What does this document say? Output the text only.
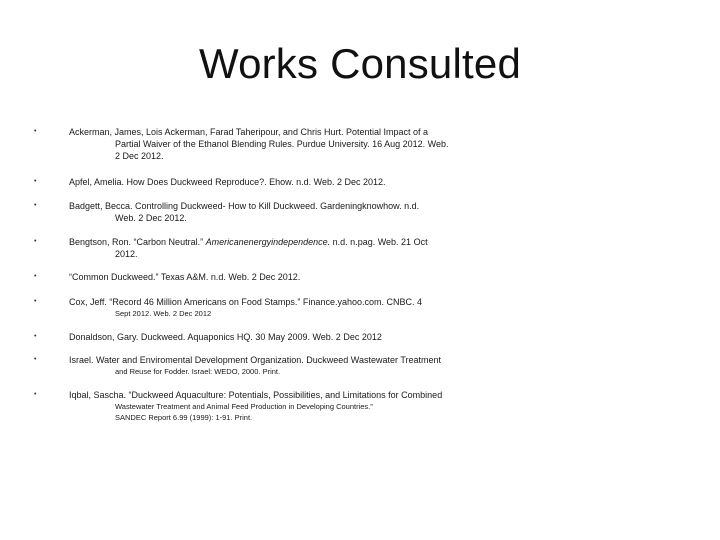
Works Consulted
•	Ackerman, James, Lois Ackerman, Farad Taheripour, and Chris Hurt. Potential Impact of a
Partial Waiver of the Ethanol Blending Rules. Purdue University. 16 Aug 2012. Web.
2 Dec 2012.
•	Apfel, Amelia. How Does Duckweed Reproduce?. Ehow. n.d. Web. 2 Dec 2012.
•	Badgett, Becca. Controlling Duckweed- How to Kill Duckweed. Gardeningknowhow. n.d.
Web. 2 Dec 2012.
•	Bengtson, Ron. “Carbon Neutral.” Americanenergyindependence. n.d. n.pag. Web. 21 Oct
2012.
•	“Common Duckweed.” Texas A&M. n.d. Web. 2 Dec 2012.
•	Cox, Jeff. “Record 46 Million Americans on Food Stamps.” Finance.yahoo.com. CNBC. 4
Sept 2012. Web. 2 Dec 2012
•	Donaldson, Gary. Duckweed. Aquaponics HQ. 30 May 2009. Web. 2 Dec 2012
•	Israel. Water and Enviromental Development Organization. Duckweed Wastewater Treatment
and Reuse for Fodder. Israel: WEDO, 2000. Print.
•	Iqbal, Sascha. “Duckweed Aquaculture: Potentials, Possibilities, and Limitations for Combined
Wastewater Treatment and Animal Feed Production in Developing Countries.”
SANDEC Report 6.99 (1999): 1-91. Print.
